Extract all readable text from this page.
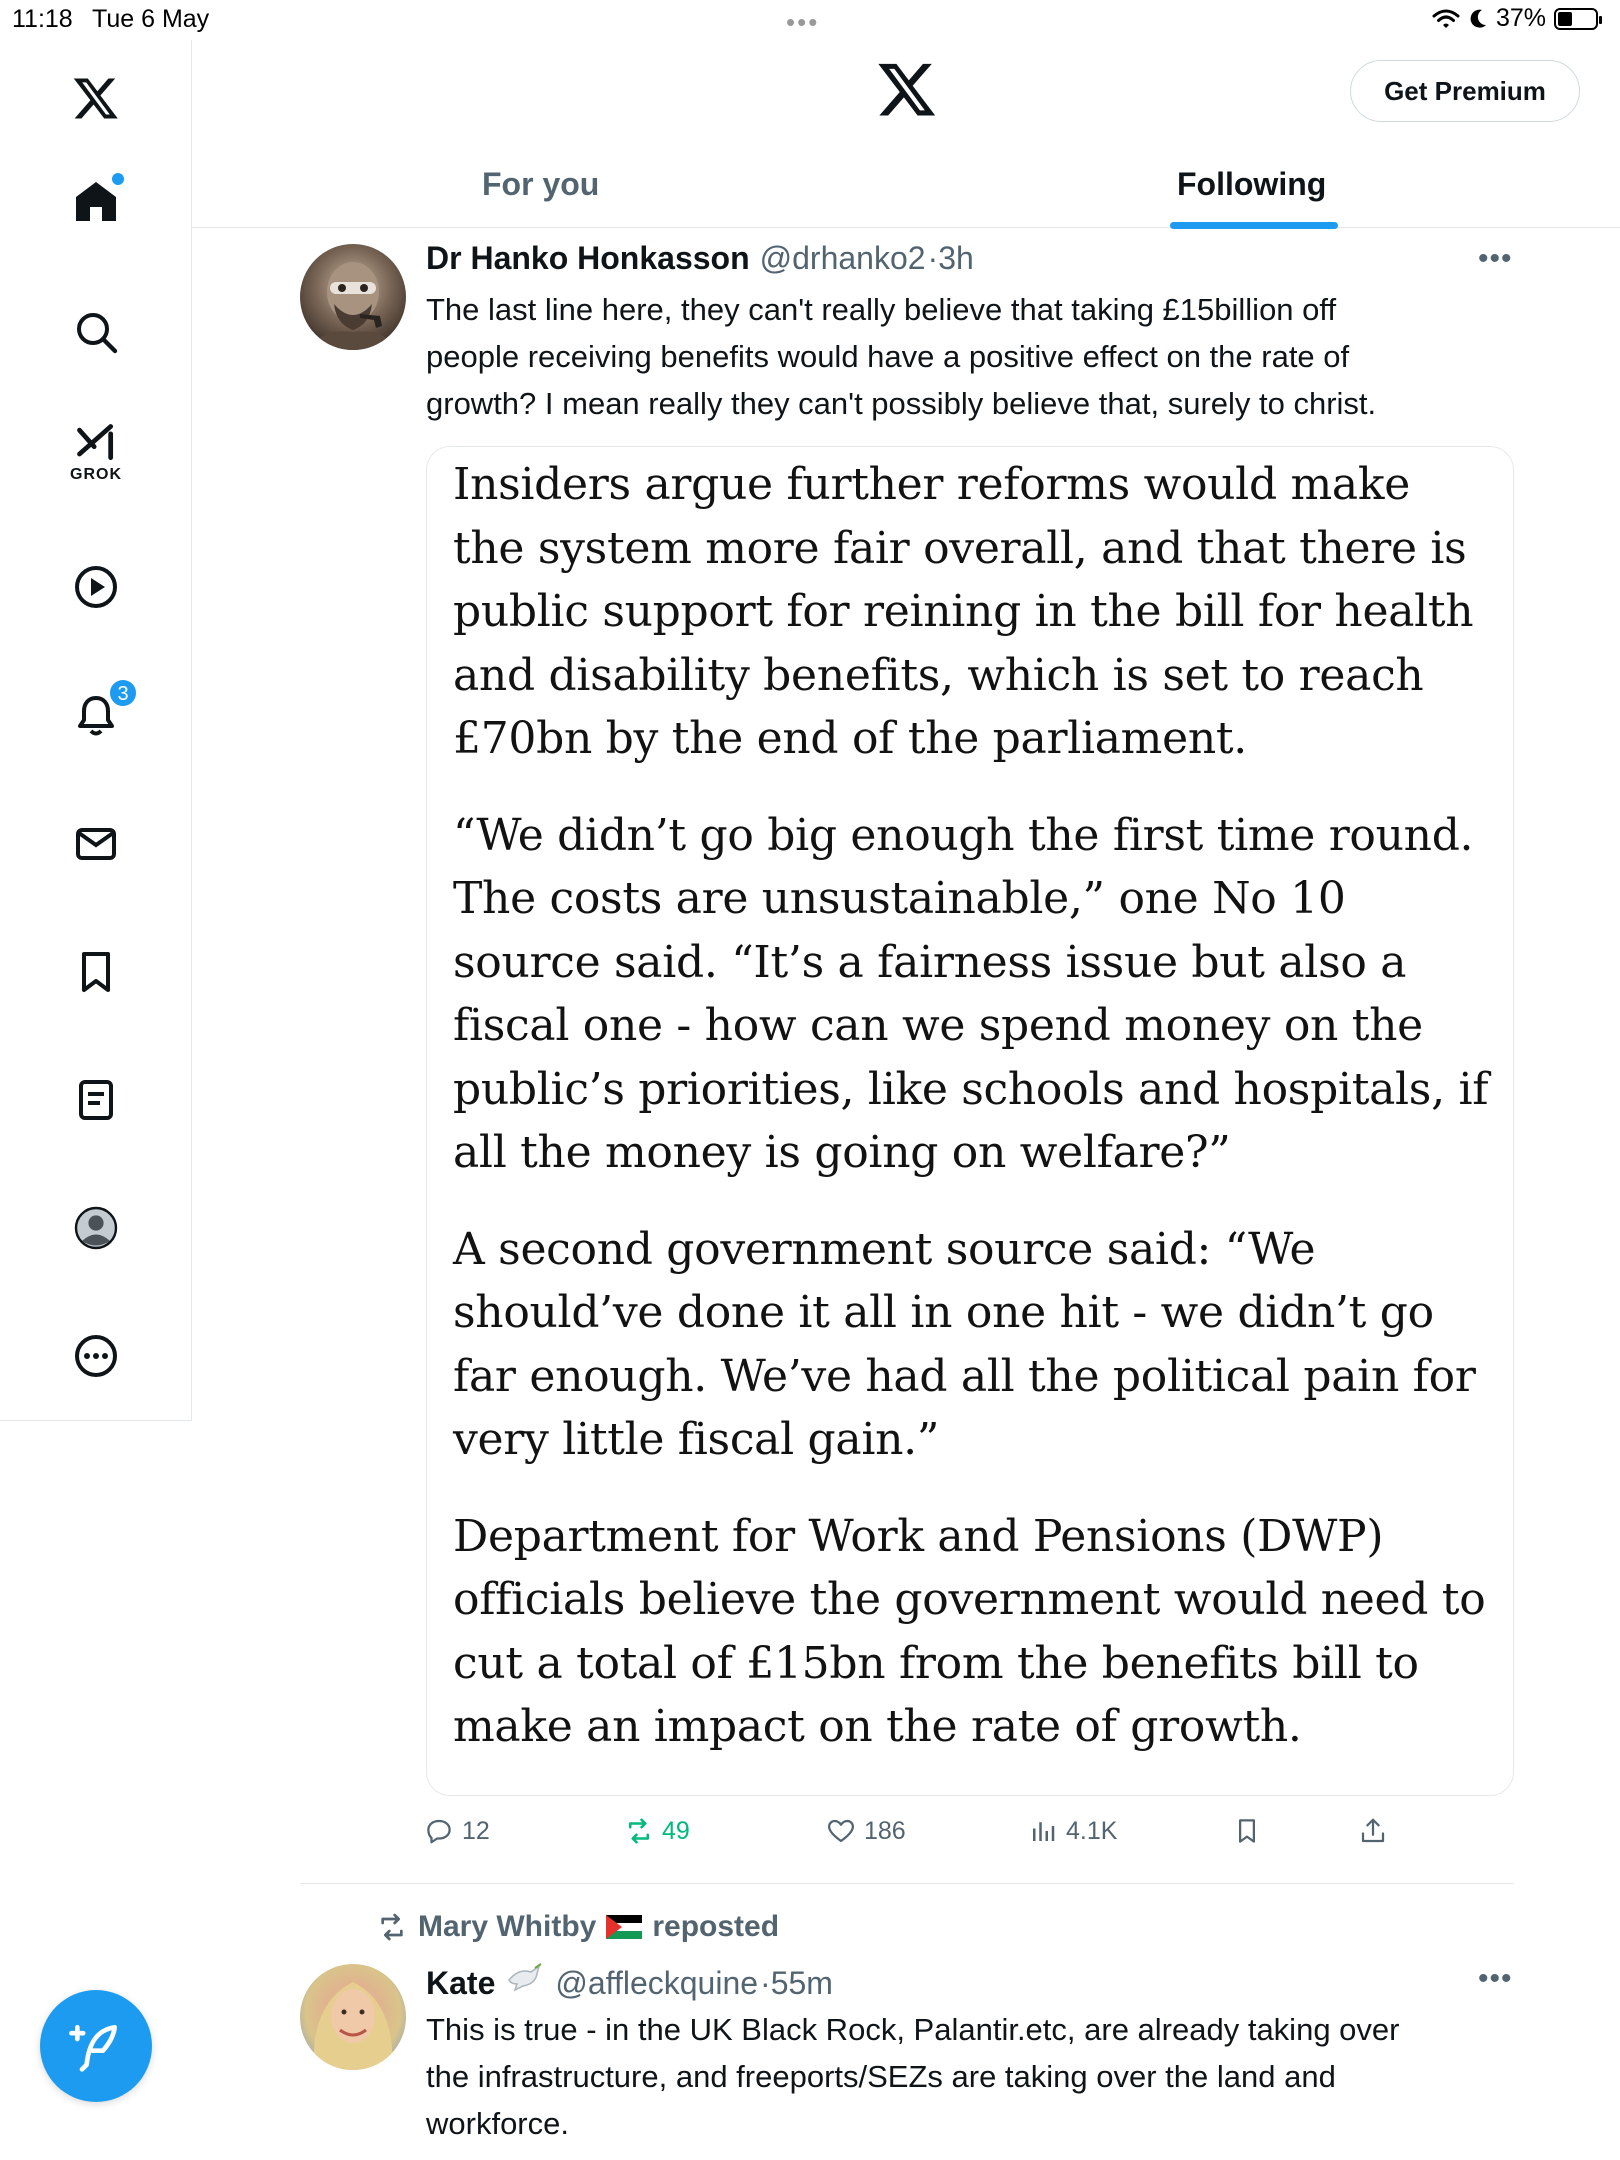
11:18 Tue 6 May	•••	37%
GROK
3
Get Premium
For you	Following
Dr Hanko Honkasson @drhanko2 ·3h	•••
The last line here, they can't really believe that taking £15billion off
people receiving benefits would have a positive effect on the rate of
growth? I mean really they can't possibly believe that, surely to christ.

Insiders argue further reforms would make the system more fair overall, and that there is public support for reining in the bill for health and disability benefits, which is set to reach £70bn by the end of the parliament.

“We didn’t go big enough the first time round. The costs are unsustainable,” one No 10 source said. “It’s a fairness issue but also a fiscal one - how can we spend money on the public’s priorities, like schools and hospitals, if all the money is going on welfare?”

A second government source said: “We should’ve done it all in one hit - we didn’t go far enough. We’ve had all the political pain for very little fiscal gain.”

Department for Work and Pensions (DWP) officials believe the government would need to cut a total of £15bn from the benefits bill to make an impact on the rate of growth.

12	49	186	4.1K
Mary Whitby reposted
Kate @affleckquine ·55m	•••
This is true - in the UK Black Rock, Palantir.etc, are already taking over
the infrastructure, and freeports/SEZs are taking over the land and
workforce.
